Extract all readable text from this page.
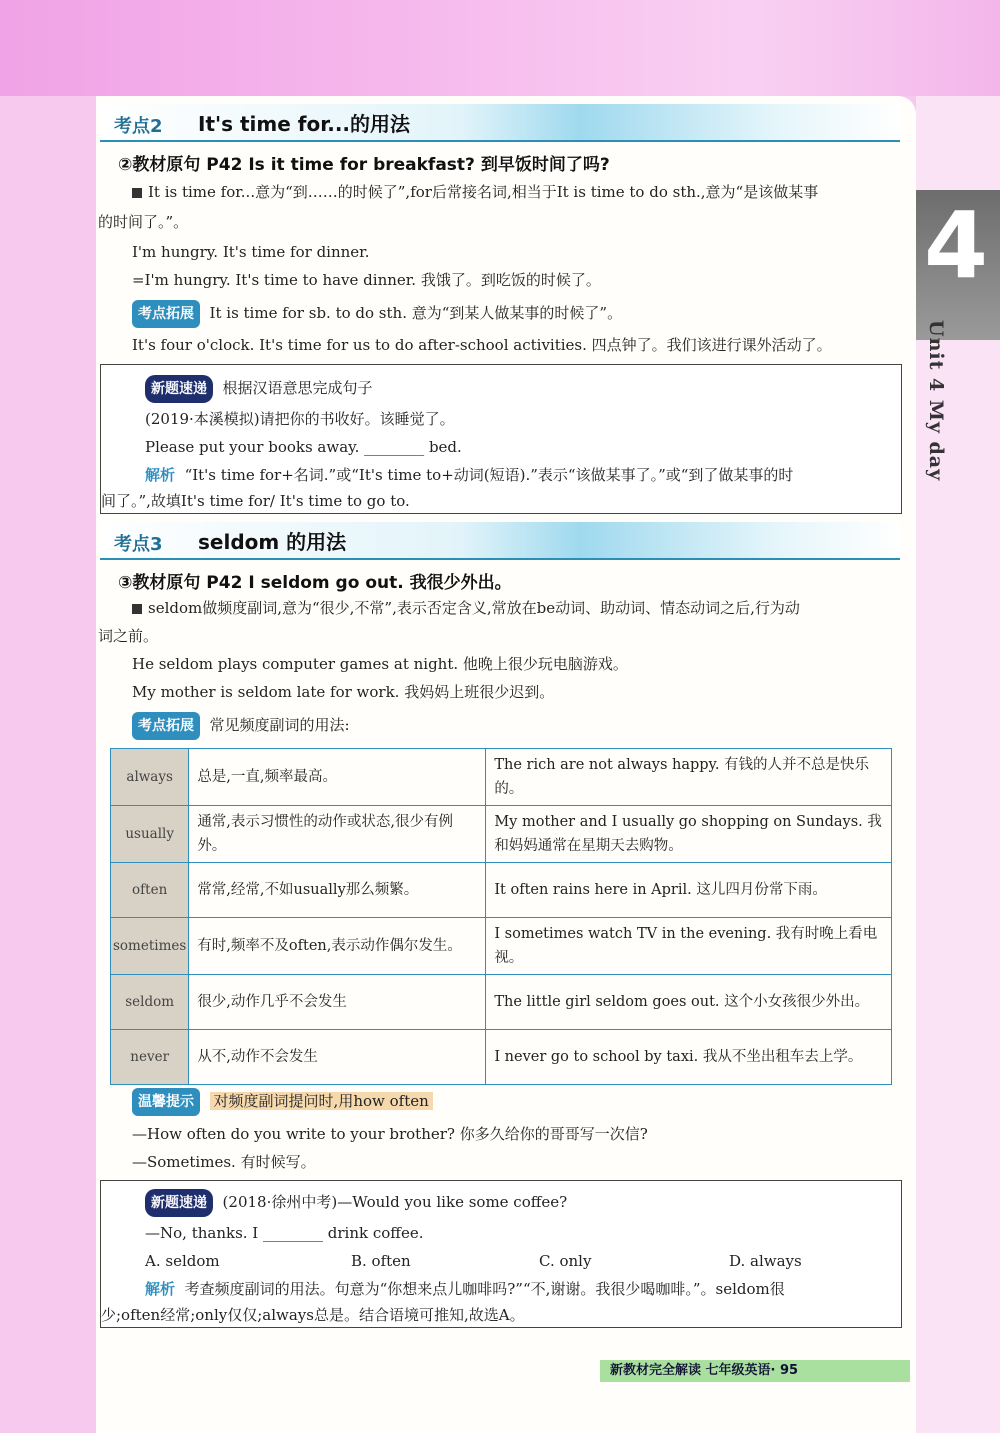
4
Unit 4 My day
考点2 It's time for...的用法
②教材原句 P42 Is it time for breakfast? 到早饭时间了吗?
It is time for...意为“到……的时候了”,for后常接名词,相当于It is time to do sth.,意为“是该做某事
的时间了。”。
I'm hungry. It's time for dinner.
=I'm hungry. It's time to have dinner. 我饿了。到吃饭的时候了。
考点拓展 It is time for sb. to do sth. 意为“到某人做某事的时候了”。
It's four o'clock. It's time for us to do after-school activities. 四点钟了。我们该进行课外活动了。
新题速递 根据汉语意思完成句子
(2019·本溪模拟)请把你的书收好。该睡觉了。
Please put your books away. ________ bed.
解析 “It's time for+名词.”或“It's time to+动词(短语).”表示“该做某事了。”或“到了做某事的时
间了。”,故填It's time for/ It's time to go to.
考点3 seldom 的用法
③教材原句 P42 I seldom go out. 我很少外出。
seldom做频度副词,意为“很少,不常”,表示否定含义,常放在be动词、助动词、情态动词之后,行为动
词之前。
He seldom plays computer games at night. 他晚上很少玩电脑游戏。
My mother is seldom late for work. 我妈妈上班很少迟到。
考点拓展 常见频度副词的用法:
always	总是,一直,频率最高。	The rich are not always happy. 有钱的人并不总是快乐的。
usually	通常,表示习惯性的动作或状态,很少有例外。	My mother and I usually go shopping on Sundays. 我和妈妈通常在星期天去购物。
often	常常,经常,不如usually那么频繁。	It often rains here in April. 这儿四月份常下雨。
sometimes	有时,频率不及often,表示动作偶尔发生。	I sometimes watch TV in the evening. 我有时晚上看电视。
seldom	很少,动作几乎不会发生	The little girl seldom goes out. 这个小女孩很少外出。
never	从不,动作不会发生	I never go to school by taxi. 我从不坐出租车去上学。
温馨提示 对频度副词提问时,用how often
—How often do you write to your brother? 你多久给你的哥哥写一次信?
—Sometimes. 有时候写。
新题速递 (2018·徐州中考)—Would you like some coffee?
—No, thanks. I ________ drink coffee.
A. seldom	B. often	C. only	D. always
解析 考查频度副词的用法。句意为“你想来点儿咖啡吗?”“不,谢谢。我很少喝咖啡。”。seldom很
少;often经常;only仅仅;always总是。结合语境可推知,故选A。
新教材完全解读 七年级英语· 95
